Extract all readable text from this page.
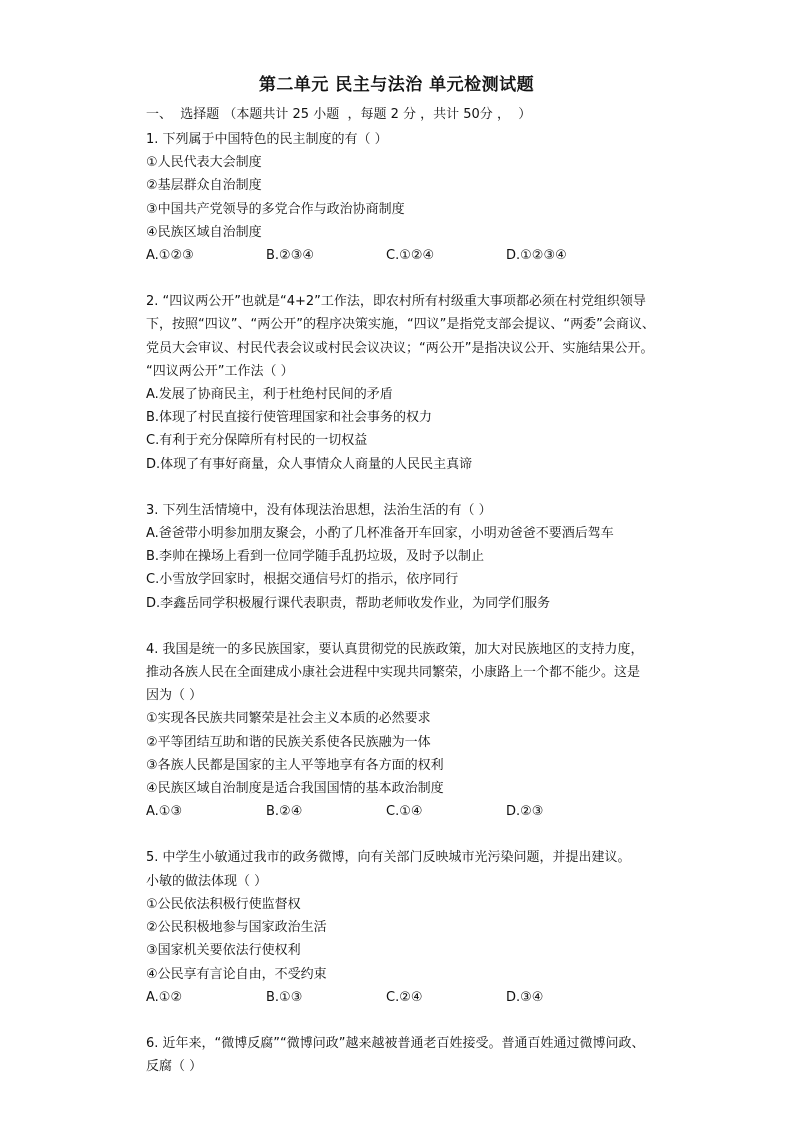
第二单元 民主与法治 单元检测试题
一、  选择题 （本题共计 25 小题  ，每题 2 分 ，共计 50分 ，  ）

1. 下列属于中国特色的民主制度的有（ ）

①人民代表大会制度

②基层群众自治制度

③中国共产党领导的多党合作与政治协商制度

④民族区域自治制度

A.①②③	B.②③④	C.①②④	D.①②③④

2. “四议两公开”也就是“4+2”工作法，即农村所有村级重大事项都必须在村党组织领导

下，按照“四议”、“两公开”的程序决策实施，“四议”是指党支部会提议、“两委”会商议、

党员大会审议、村民代表会议或村民会议决议；“两公开”是指决议公开、实施结果公开。

“四议两公开”工作法（ ）

A.发展了协商民主，利于杜绝村民间的矛盾

B.体现了村民直接行使管理国家和社会事务的权力

C.有利于充分保障所有村民的一切权益

D.体现了有事好商量，众人事情众人商量的人民民主真谛

3. 下列生活情境中，没有体现法治思想，法治生活的有（ ）

A.爸爸带小明参加朋友聚会，小酌了几杯准备开车回家，小明劝爸爸不要酒后驾车

B.李帅在操场上看到一位同学随手乱扔垃圾，及时予以制止

C.小雪放学回家时，根据交通信号灯的指示，依序同行

D.李鑫岳同学积极履行课代表职责，帮助老师收发作业，为同学们服务

4. 我国是统一的多民族国家，要认真贯彻党的民族政策，加大对民族地区的支持力度，

推动各族人民在全面建成小康社会进程中实现共同繁荣，小康路上一个都不能少。这是

因为（ ）

①实现各民族共同繁荣是社会主义本质的必然要求

②平等团结互助和谐的民族关系使各民族融为一体

③各族人民都是国家的主人平等地享有各方面的权利

④民族区域自治制度是适合我国国情的基本政治制度

A.①③	B.②④	C.①④	D.②③

5. 中学生小敏通过我市的政务微博，向有关部门反映城市光污染问题，并提出建议。

小敏的做法体现（ ）

①公民依法积极行使监督权

②公民积极地参与国家政治生活

③国家机关要依法行使权利

④公民享有言论自由，不受约束

A.①②	B.①③	C.②④	D.③④

6. 近年来，“微博反腐”“微博问政”越来越被普通老百姓接受。普通百姓通过微博问政、

反腐（ ）
